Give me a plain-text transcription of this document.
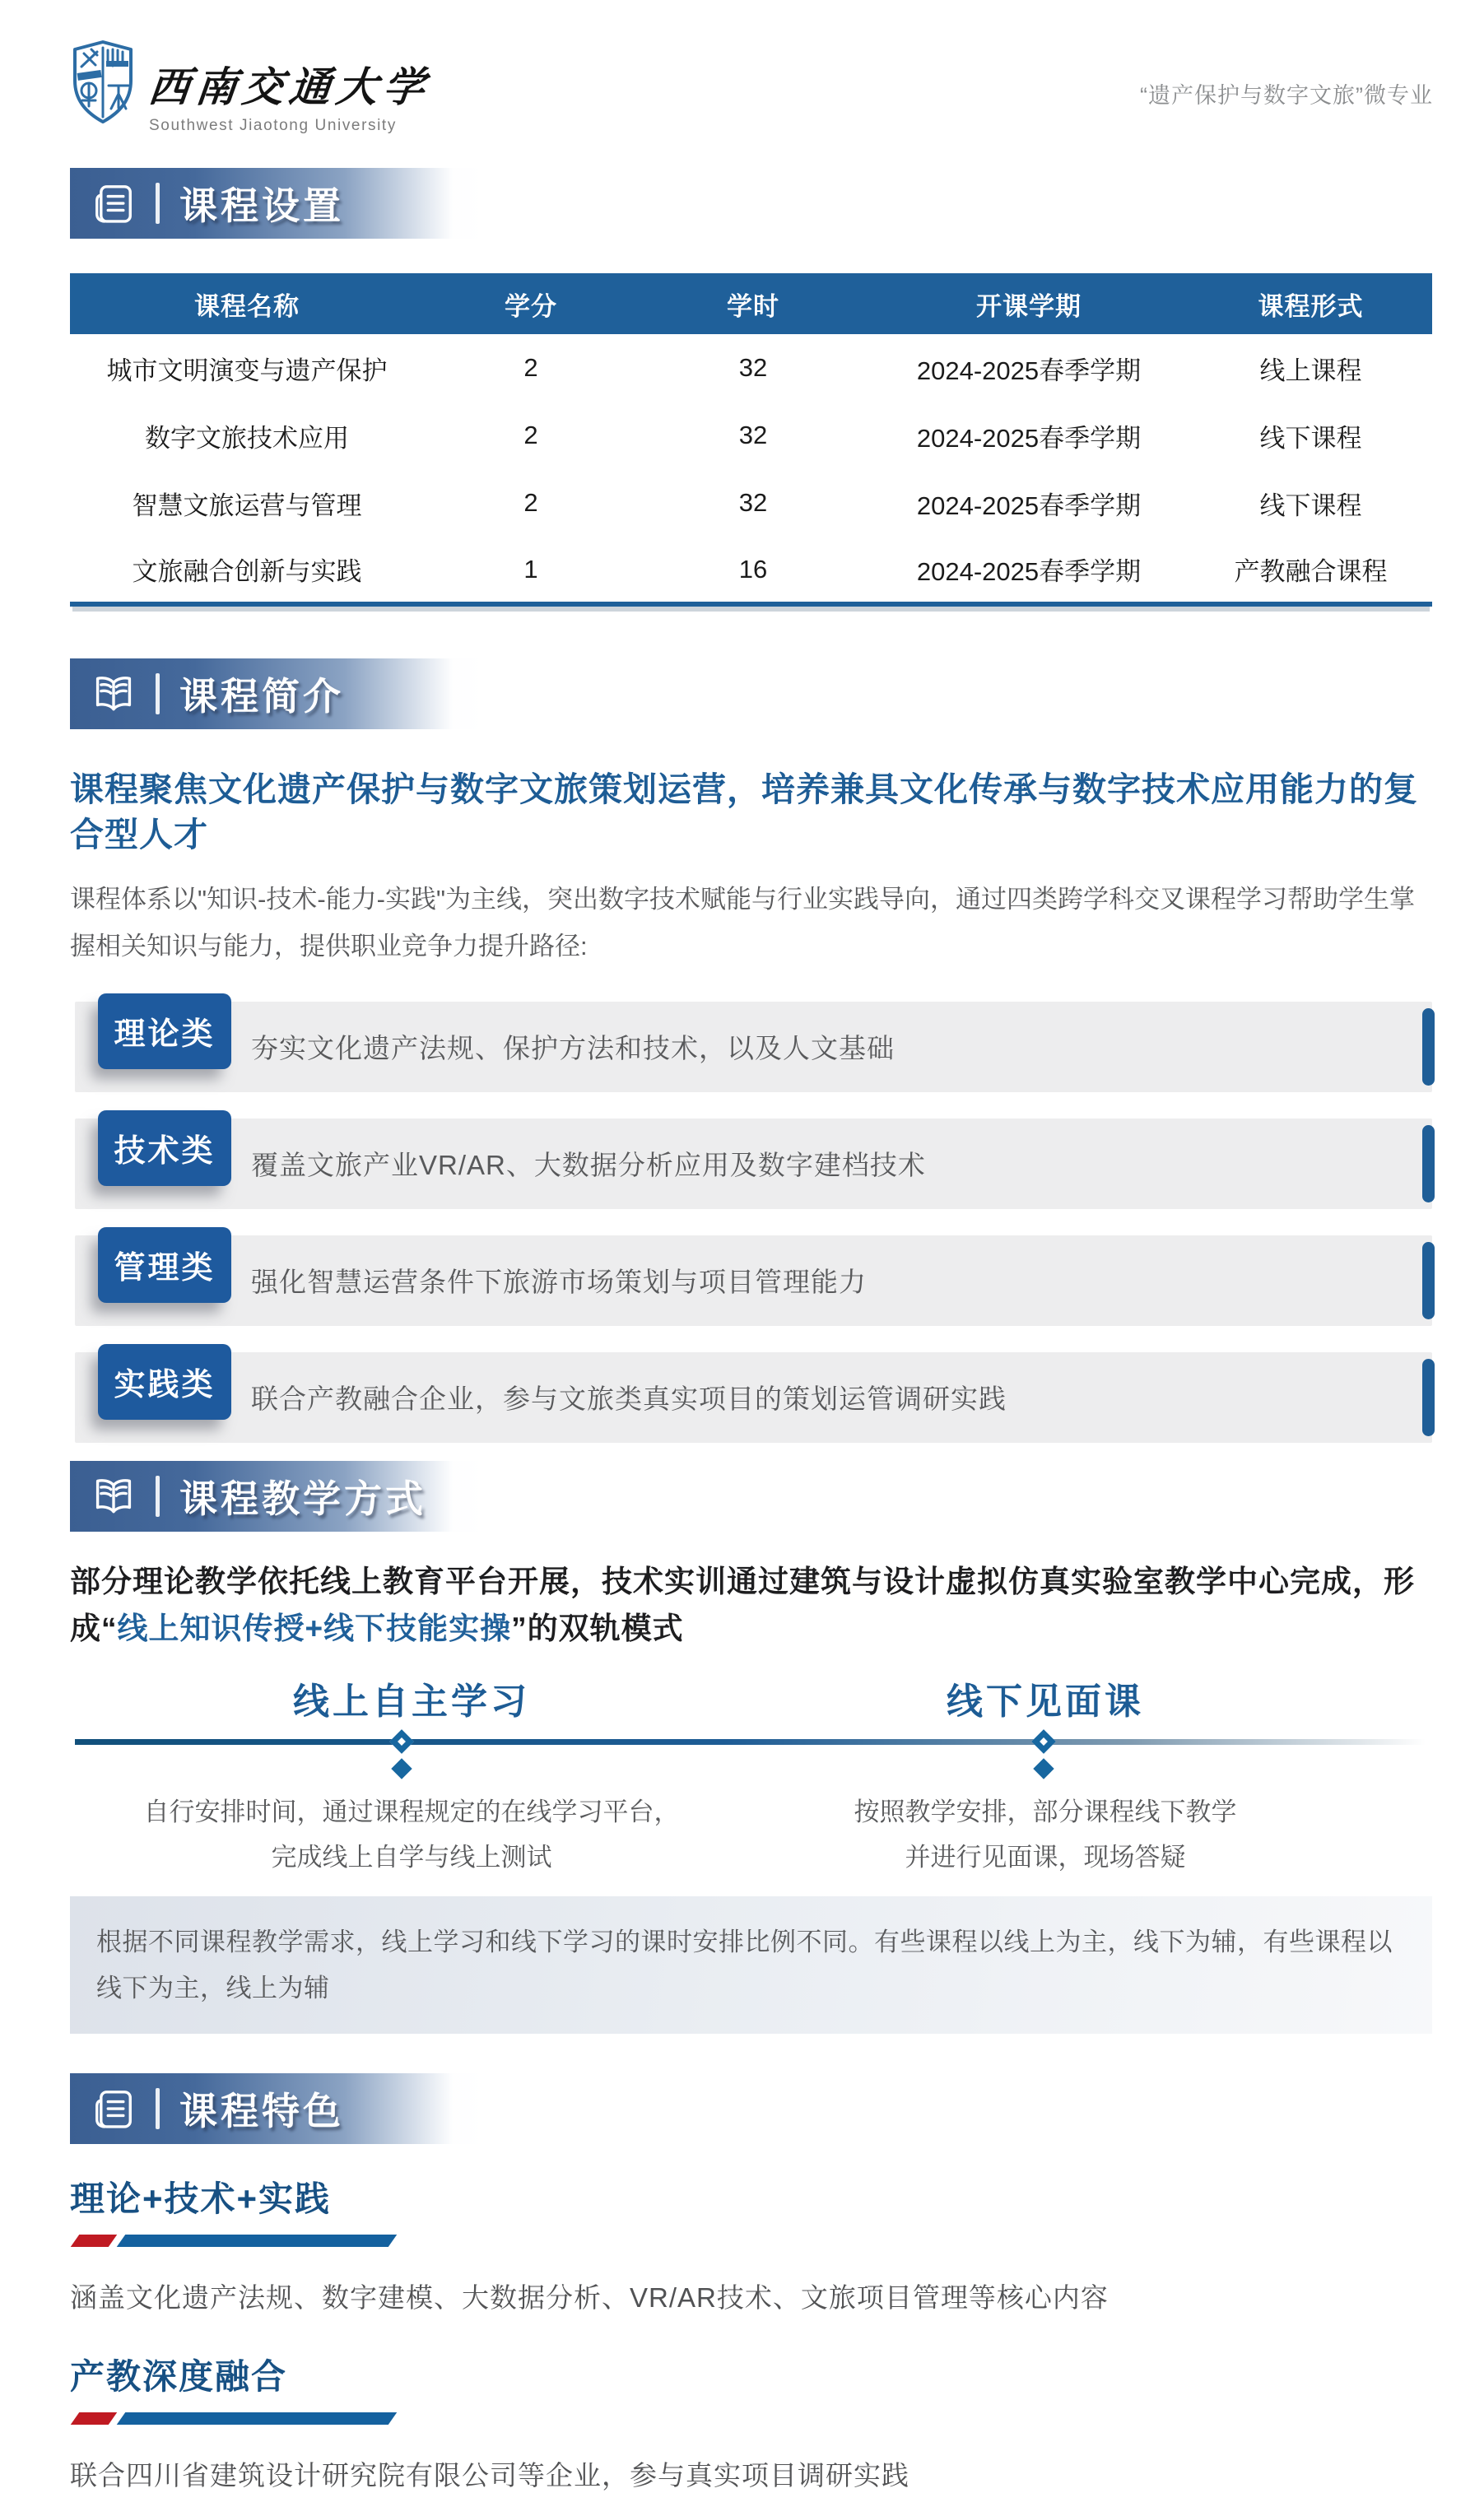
西南交通大学
Southwest Jiaotong University
“遗产保护与数字文旅”微专业
课程设置
课程名称	学分	学时	开课学期	课程形式
城市文明演变与遗产保护	2	32	2024-2025春季学期	线上课程
数字文旅技术应用	2	32	2024-2025春季学期	线下课程
智慧文旅运营与管理	2	32	2024-2025春季学期	线下课程
文旅融合创新与实践	1	16	2024-2025春季学期	产教融合课程
课程简介
课程聚焦文化遗产保护与数字文旅策划运营，培养兼具文化传承与数字技术应用能力的复合型人才
课程体系以"知识-技术-能力-实践"为主线，突出数字技术赋能与行业实践导向，通过四类跨学科交叉课程学习帮助学生掌握相关知识与能力，提供职业竞争力提升路径:
理论类	夯实文化遗产法规、保护方法和技术，以及人文基础
技术类	覆盖文旅产业VR/AR、大数据分析应用及数字建档技术
管理类	强化智慧运营条件下旅游市场策划与项目管理能力
实践类	联合产教融合企业，参与文旅类真实项目的策划运管调研实践
课程教学方式
部分理论教学依托线上教育平台开展，技术实训通过建筑与设计虚拟仿真实验室教学中心完成，形成“线上知识传授+线下技能实操”的双轨模式
线上自主学习	线下见面课
自行安排时间，通过课程规定的在线学习平台，
完成线上自学与线上测试
按照教学安排，部分课程线下教学
并进行见面课，现场答疑
根据不同课程教学需求，线上学习和线下学习的课时安排比例不同。有些课程以线上为主，线下为辅，有些课程以线下为主，线上为辅
课程特色
理论+技术+实践
涵盖文化遗产法规、数字建模、大数据分析、VR/AR技术、文旅项目管理等核心内容
产教深度融合
联合四川省建筑设计研究院有限公司等企业，参与真实项目调研实践
